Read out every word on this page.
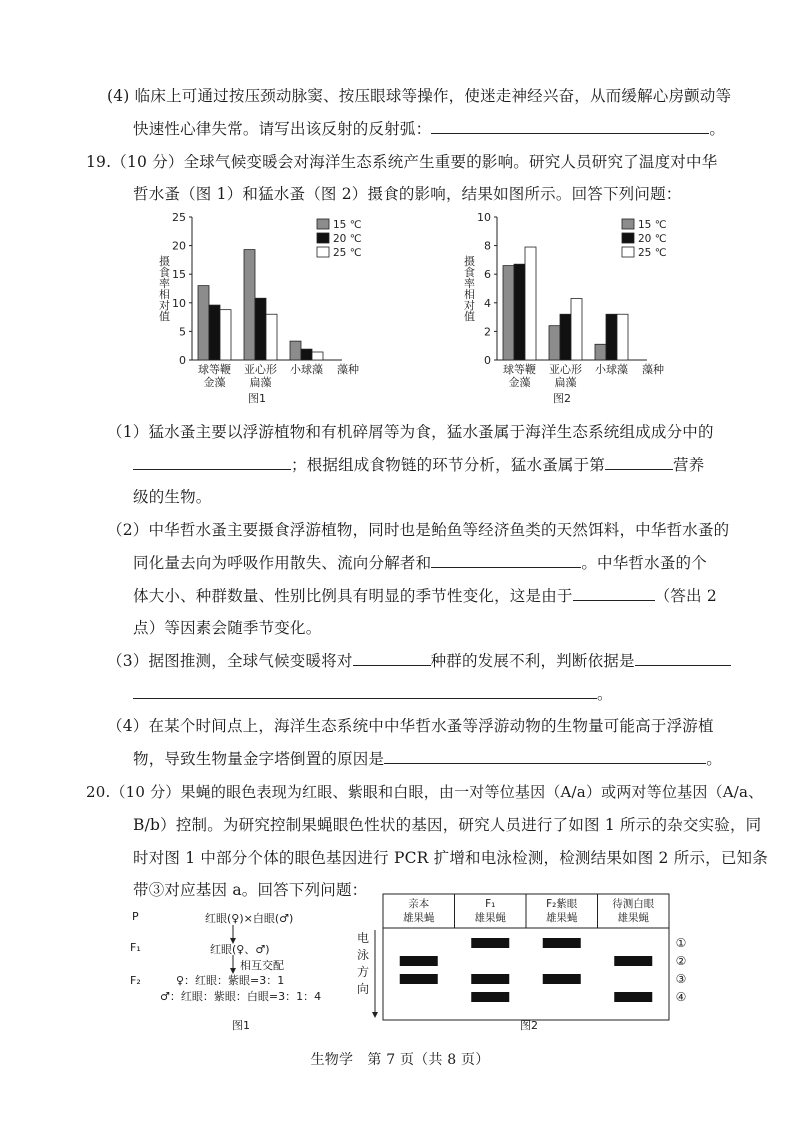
(4) 临床上可通过按压颈动脉窦、按压眼球等操作，使迷走神经兴奋，从而缓解心房颤动等
快速性心律失常。请写出该反射的反射弧：	。
19.（10 分）全球气候变暖会对海洋生态系统产生重要的影响。研究人员研究了温度对中华
哲水蚤（图 1）和猛水蚤（图 2）摄食的影响，结果如图所示。回答下列问题：
0
5
10
15
20
25
摄食率相对值
球等鞭
金藻
亚心形
扁藻
小球藻 藻种
15 ℃
20 ℃
25 ℃
图1
0
2
4
6
8
10
摄食率相对值
球等鞭
金藻
亚心形
扁藻
小球藻 藻种
15 ℃
20 ℃
25 ℃
图2
（1）猛水蚤主要以浮游植物和有机碎屑等为食，猛水蚤属于海洋生态系统组成成分中的
；根据组成食物链的环节分析，猛水蚤属于第	营养
级的生物。
（2）中华哲水蚤主要摄食浮游植物，同时也是鲐鱼等经济鱼类的天然饵料，中华哲水蚤的
同化量去向为呼吸作用散失、流向分解者和	。中华哲水蚤的个
体大小、种群数量、性别比例具有明显的季节性变化，这是由于	（答出 2
点）等因素会随季节变化。
（3）据图推测，全球气候变暖将对	种群的发展不利，判断依据是
。
（4）在某个时间点上，海洋生态系统中中华哲水蚤等浮游动物的生物量可能高于浮游植
物，导致生物量金字塔倒置的原因是	。
20.（10 分）果蝇的眼色表现为红眼、紫眼和白眼，由一对等位基因（A/a）或两对等位基因（A/a、
B/b）控制。为研究控制果蝇眼色性状的基因，研究人员进行了如图 1 所示的杂交实验，同
时对图 1 中部分个体的眼色基因进行 PCR 扩增和电泳检测，检测结果如图 2 所示，已知条
带③对应基因 a。回答下列问题：
P	红眼(♀)×白眼(♂)
F₁	红眼(♀、♂)
相互交配
F₂	♀：红眼：紫眼=3：1
♂：红眼：紫眼：白眼=3：1：4
图1
亲本
雄果蝇
F₁
雄果蝇
F₂紫眼
雄果蝇
待测白眼
雄果蝇
①
②
③
④
电
泳
方
向
图2
生物学　第 7 页（共 8 页）
